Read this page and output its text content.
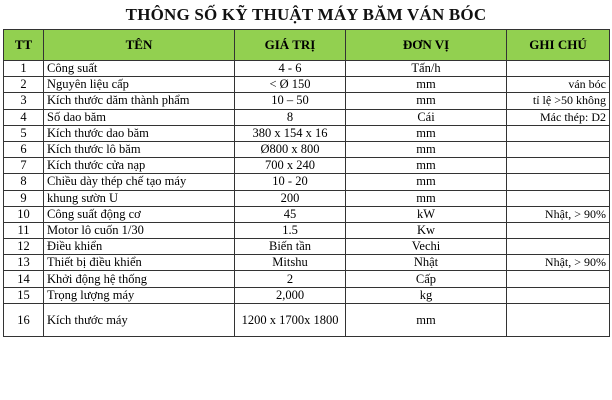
THÔNG SỐ KỸ THUẬT MÁY BĂM VÁN BÓC
TT	TÊN	GIÁ TRỊ	ĐƠN VỊ	GHI CHÚ
1	Công suất	4 - 6	Tấn/h	
2	Nguyên liệu cấp	< Ø 150	mm	ván bóc
3	Kích thước dăm thành phẩm	10 – 50	mm	tỉ lệ >50 không
4	Số dao băm	8	Cái	Mác thép: D2
5	Kích thước dao băm	380 x 154 x 16	mm	
6	Kích thước lô băm	Ø800 x 800	mm	
7	Kích thước cửa nạp	700 x 240	mm	
8	Chiều dày thép chế tạo máy	10 - 20	mm	
9	khung sườn U	200	mm	
10	Công suất động cơ	45	kW	Nhật, > 90%
11	Motor lô cuốn 1/30	1.5	Kw	
12	Điều khiển	Biến tần	Vechi	
13	Thiết bị điều khiển	Mitshu	Nhật	Nhật, > 90%
14	Khởi động hệ thống	2	Cấp	
15	Trọng lượng máy	2,000	kg	
16	Kích thước máy	1200 x 1700x 1800	mm	
